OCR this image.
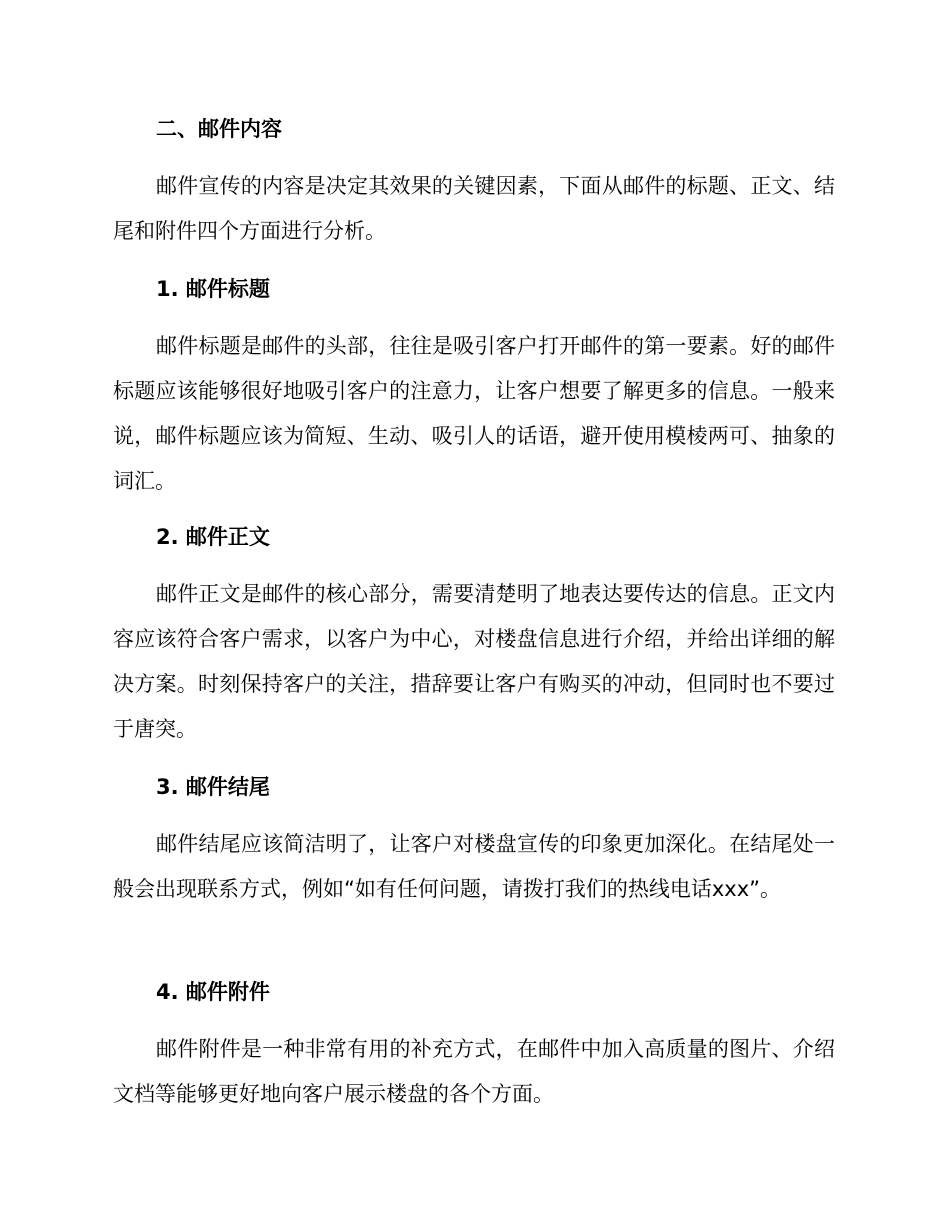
二、邮件内容

邮件宣传的内容是决定其效果的关键因素，下面从邮件的标题、正文、结尾和附件四个方面进行分析。

1. 邮件标题

邮件标题是邮件的头部，往往是吸引客户打开邮件的第一要素。好的邮件标题应该能够很好地吸引客户的注意力，让客户想要了解更多的信息。一般来说，邮件标题应该为简短、生动、吸引人的话语，避开使用模棱两可、抽象的词汇。

2. 邮件正文

邮件正文是邮件的核心部分，需要清楚明了地表达要传达的信息。正文内容应该符合客户需求，以客户为中心，对楼盘信息进行介绍，并给出详细的解决方案。时刻保持客户的关注，措辞要让客户有购买的冲动，但同时也不要过于唐突。

3. 邮件结尾

邮件结尾应该简洁明了，让客户对楼盘宣传的印象更加深化。在结尾处一般会出现联系方式，例如“如有任何问题，请拨打我们的热线电话xxx”。

4. 邮件附件

邮件附件是一种非常有用的补充方式，在邮件中加入高质量的图片、介绍文档等能够更好地向客户展示楼盘的各个方面。
